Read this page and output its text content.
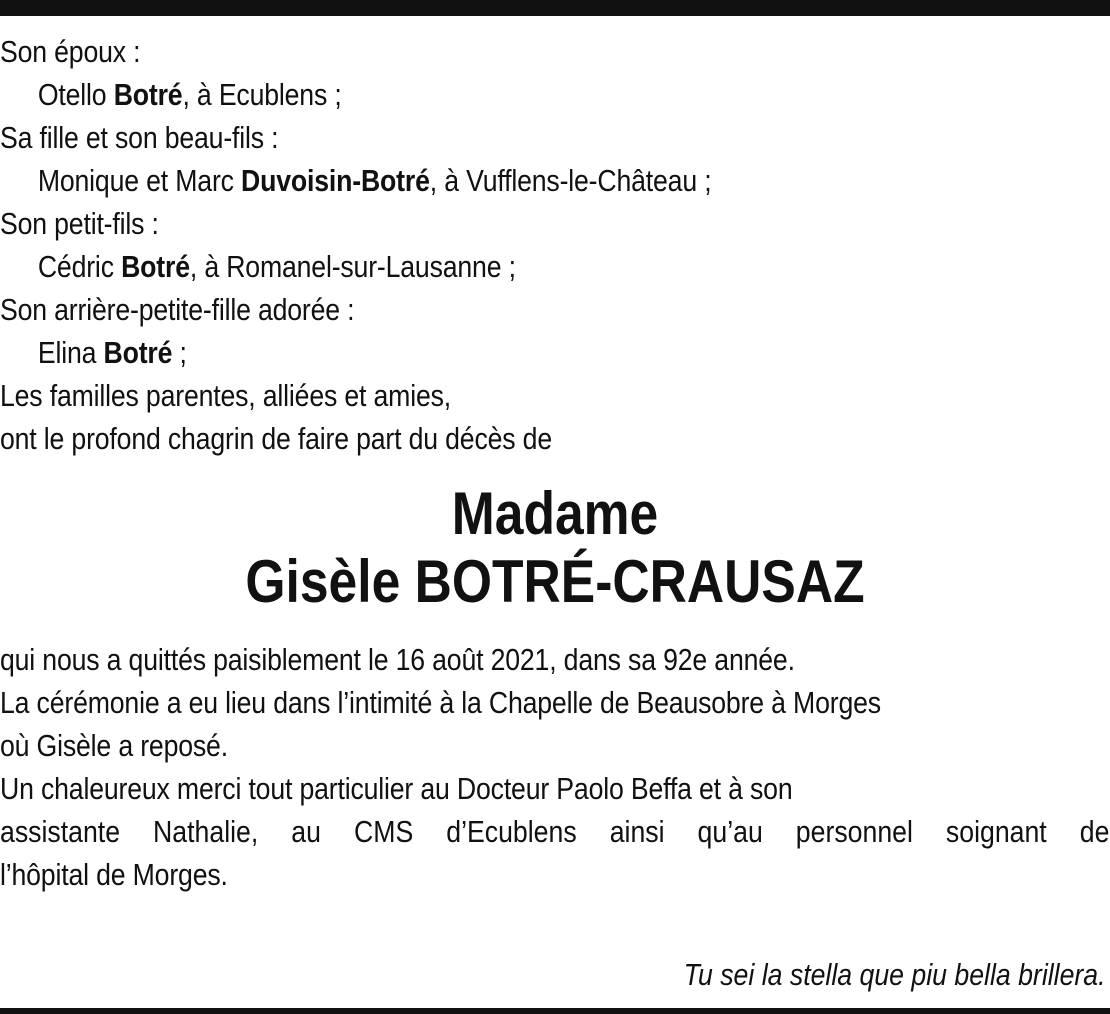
Son époux :
Otello Botré, à Ecublens ;
Sa fille et son beau-fils :
Monique et Marc Duvoisin-Botré, à Vufflens-le-Château ;
Son petit-fils :
Cédric Botré, à Romanel-sur-Lausanne ;
Son arrière-petite-fille adorée :
Elina Botré ;
Les familles parentes, alliées et amies,
ont le profond chagrin de faire part du décès de
Madame
Gisèle BOTRÉ-CRAUSAZ
qui nous a quittés paisiblement le 16 août 2021, dans sa 92e année.
La cérémonie a eu lieu dans l’intimité à la Chapelle de Beausobre à Morges
où Gisèle a reposé.
Un chaleureux merci tout particulier au Docteur Paolo Beffa et à son
assistante Nathalie, au CMS d’Ecublens ainsi qu’au personnel soignant de
l’hôpital de Morges.
Tu sei la stella que piu bella brillera.
